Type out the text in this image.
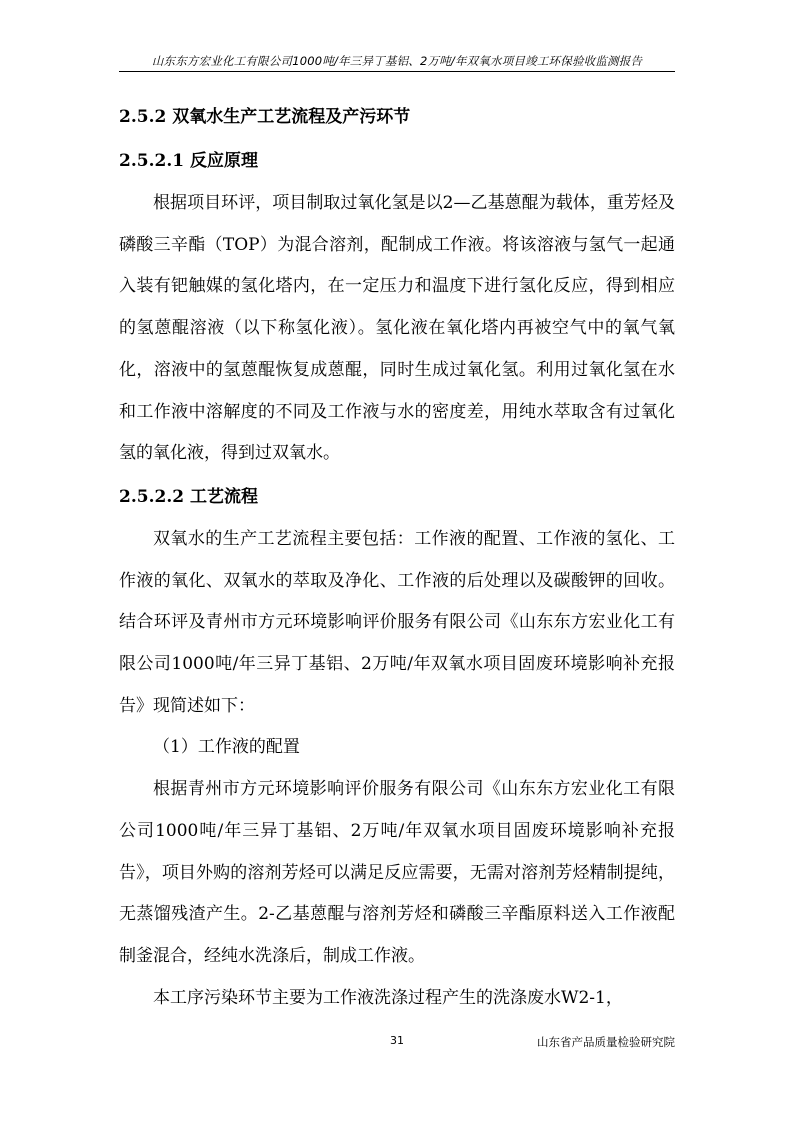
山东东方宏业化工有限公司1000吨/年三异丁基铝、2万吨/年双氧水项目竣工环保验收监测报告
2.5.2 双氧水生产工艺流程及产污环节
2.5.2.1 反应原理

根据项目环评，项目制取过氧化氢是以2—乙基蒽醌为载体，重芳烃及磷酸三辛酯（TOP）为混合溶剂，配制成工作液。将该溶液与氢气一起通入装有钯触媒的氢化塔内，在一定压力和温度下进行氢化反应，得到相应的氢蒽醌溶液（以下称氢化液）。氢化液在氧化塔内再被空气中的氧气氧化，溶液中的氢蒽醌恢复成蒽醌，同时生成过氧化氢。利用过氧化氢在水和工作液中溶解度的不同及工作液与水的密度差，用纯水萃取含有过氧化氢的氧化液，得到过双氧水。

2.5.2.2 工艺流程

双氧水的生产工艺流程主要包括：工作液的配置、工作液的氢化、工作液的氧化、双氧水的萃取及净化、工作液的后处理以及碳酸钾的回收。结合环评及青州市方元环境影响评价服务有限公司《山东东方宏业化工有限公司1000吨/年三异丁基铝、2万吨/年双氧水项目固废环境影响补充报告》现简述如下：

（1）工作液的配置

根据青州市方元环境影响评价服务有限公司《山东东方宏业化工有限公司1000吨/年三异丁基铝、2万吨/年双氧水项目固废环境影响补充报告》，项目外购的溶剂芳烃可以满足反应需要，无需对溶剂芳烃精制提纯，无蒸馏残渣产生。2-乙基蒽醌与溶剂芳烃和磷酸三辛酯原料送入工作液配制釜混合，经纯水洗涤后，制成工作液。

本工序污染环节主要为工作液洗涤过程产生的洗涤废水W2-1，

31	山东省产品质量检验研究院
